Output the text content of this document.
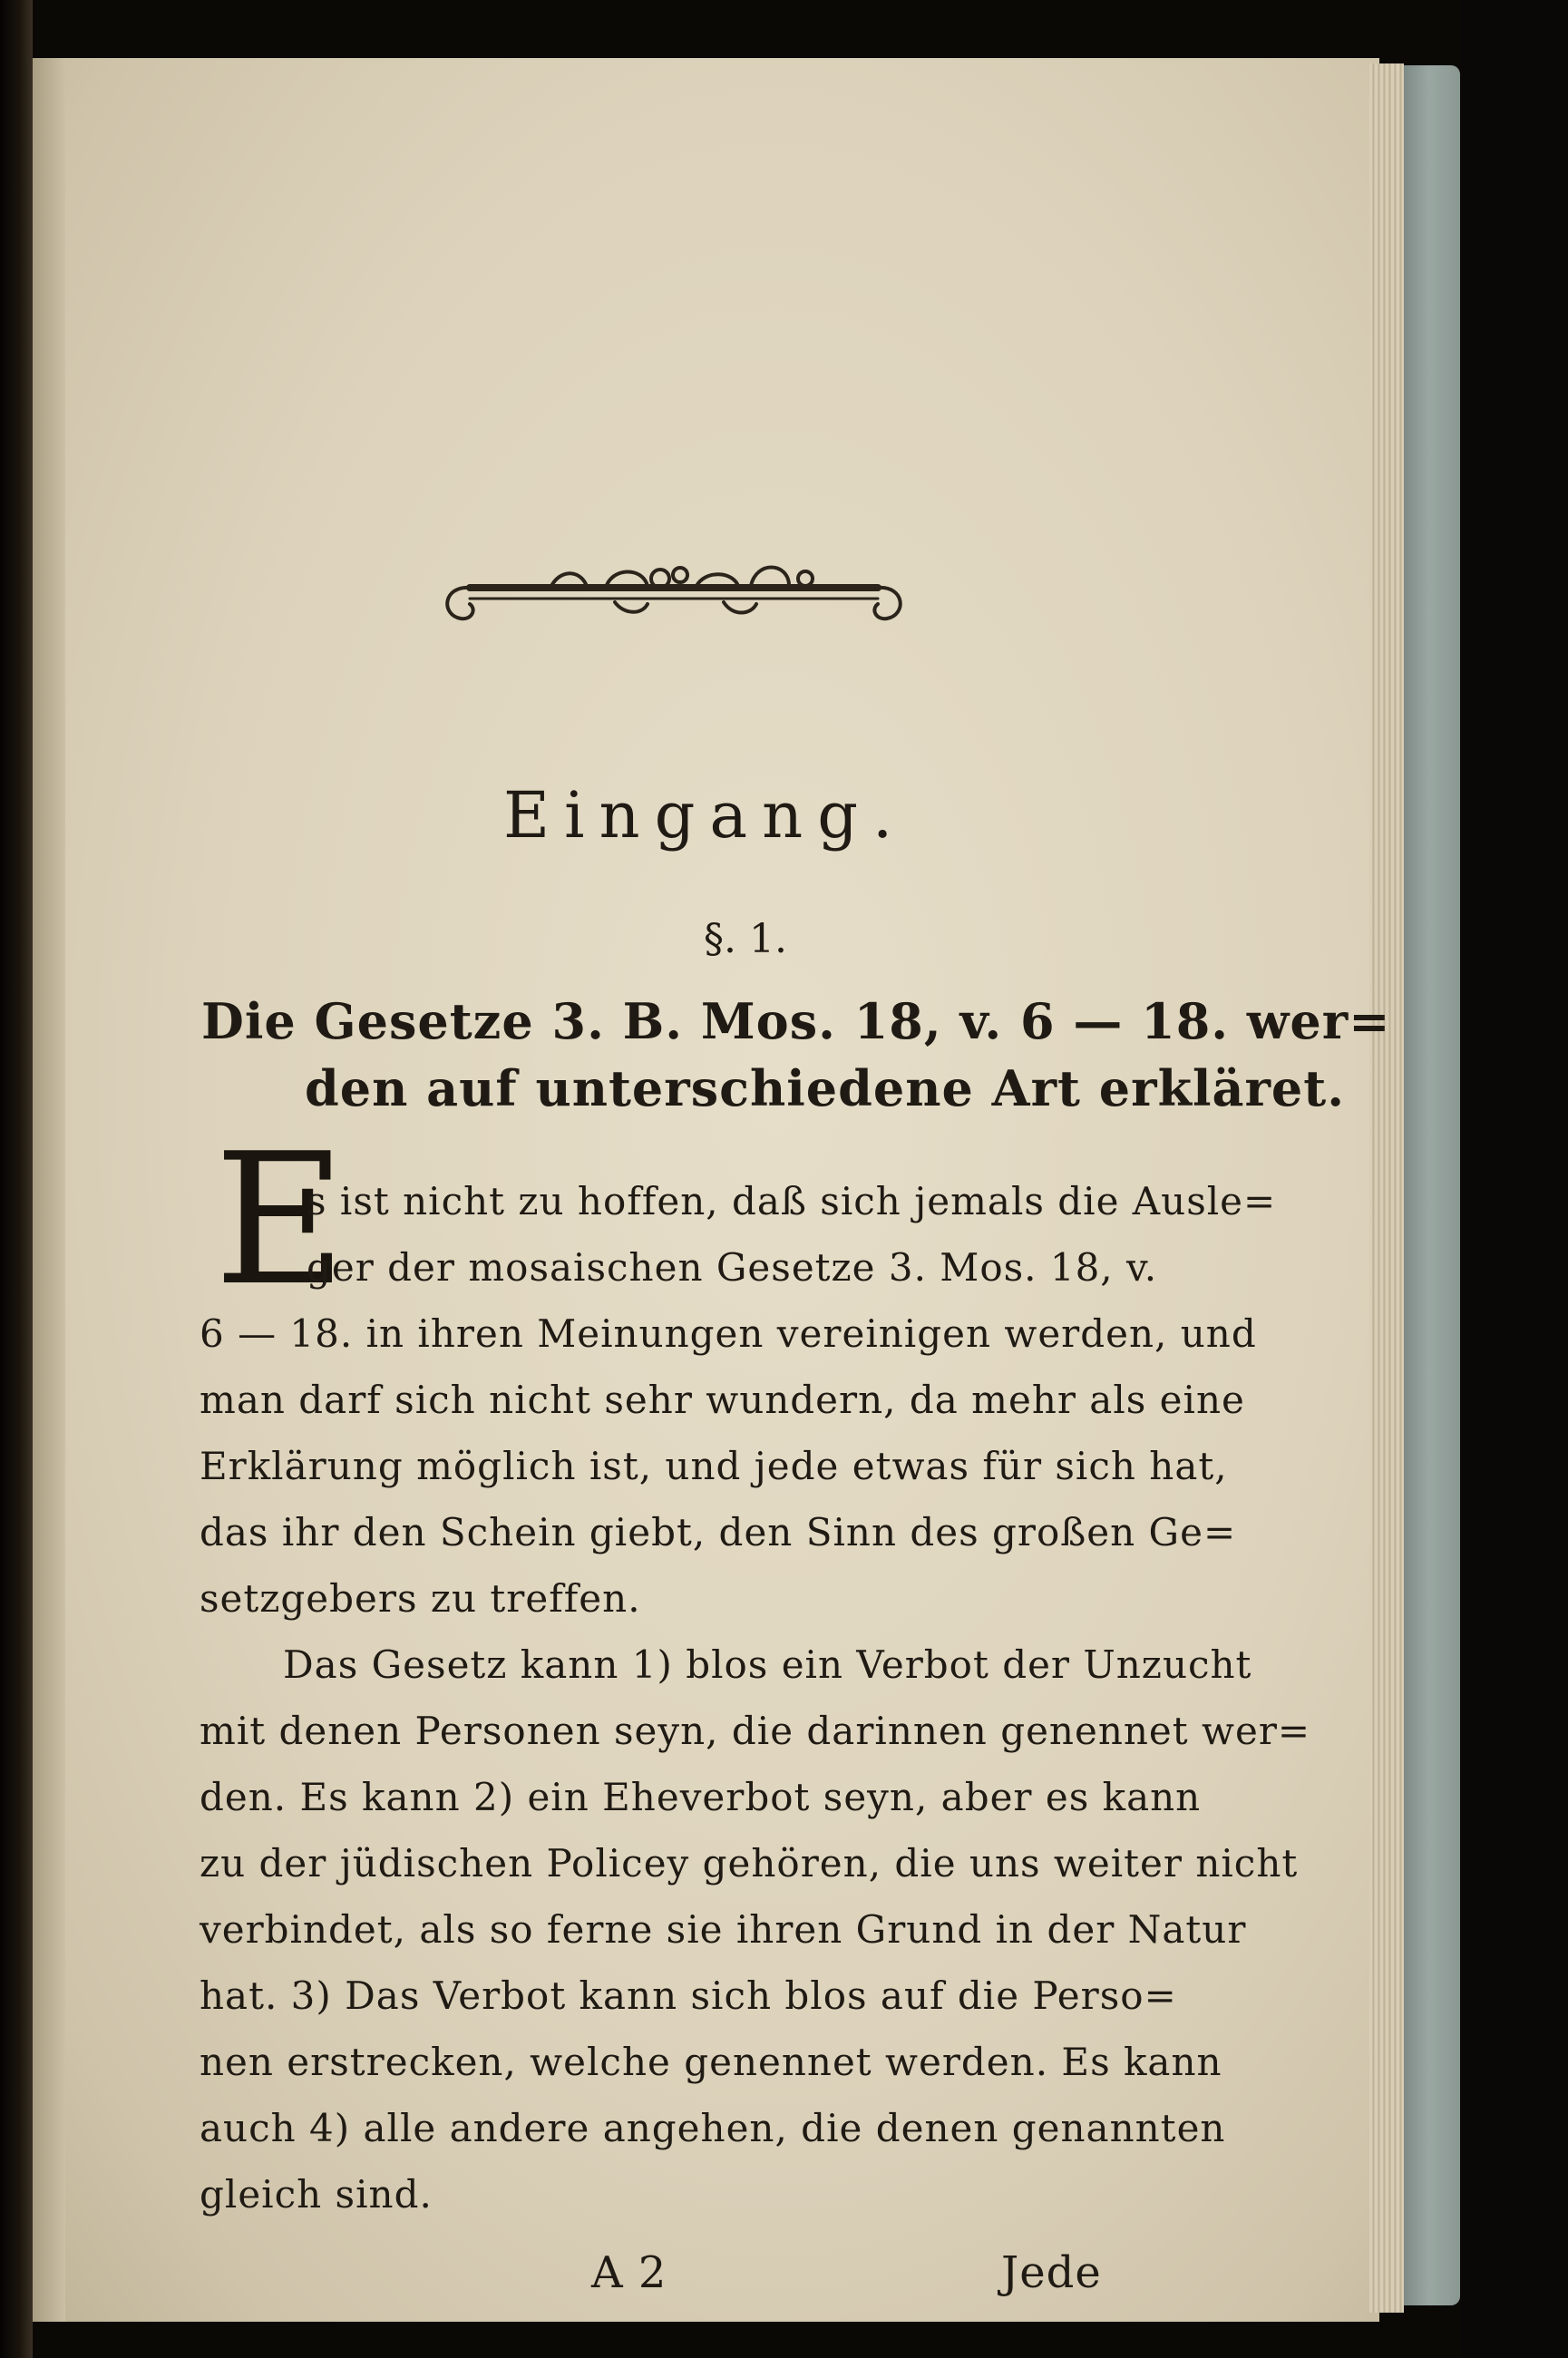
Eingang.
§. 1.
Die Gesetze 3. B. Mos. 18, v. 6 — 18. wer=
den auf unterschiedene Art erkläret.
E
s ist nicht zu hoffen, daß sich jemals die Ausle=
ger der mosaischen Gesetze 3. Mos. 18, v.
6 — 18. in ihren Meinungen vereinigen werden, und
man darf sich nicht sehr wundern, da mehr als eine
Erklärung möglich ist, und jede etwas für sich hat,
das ihr den Schein giebt, den Sinn des großen Ge=
setzgebers zu treffen.
Das Gesetz kann 1) blos ein Verbot der Unzucht
mit denen Personen seyn, die darinnen genennet wer=
den. Es kann 2) ein Eheverbot seyn, aber es kann
zu der jüdischen Policey gehören, die uns weiter nicht
verbindet, als so ferne sie ihren Grund in der Natur
hat. 3) Das Verbot kann sich blos auf die Perso=
nen erstrecken, welche genennet werden. Es kann
auch 4) alle andere angehen, die denen genannten
gleich sind.
A 2	Jede
